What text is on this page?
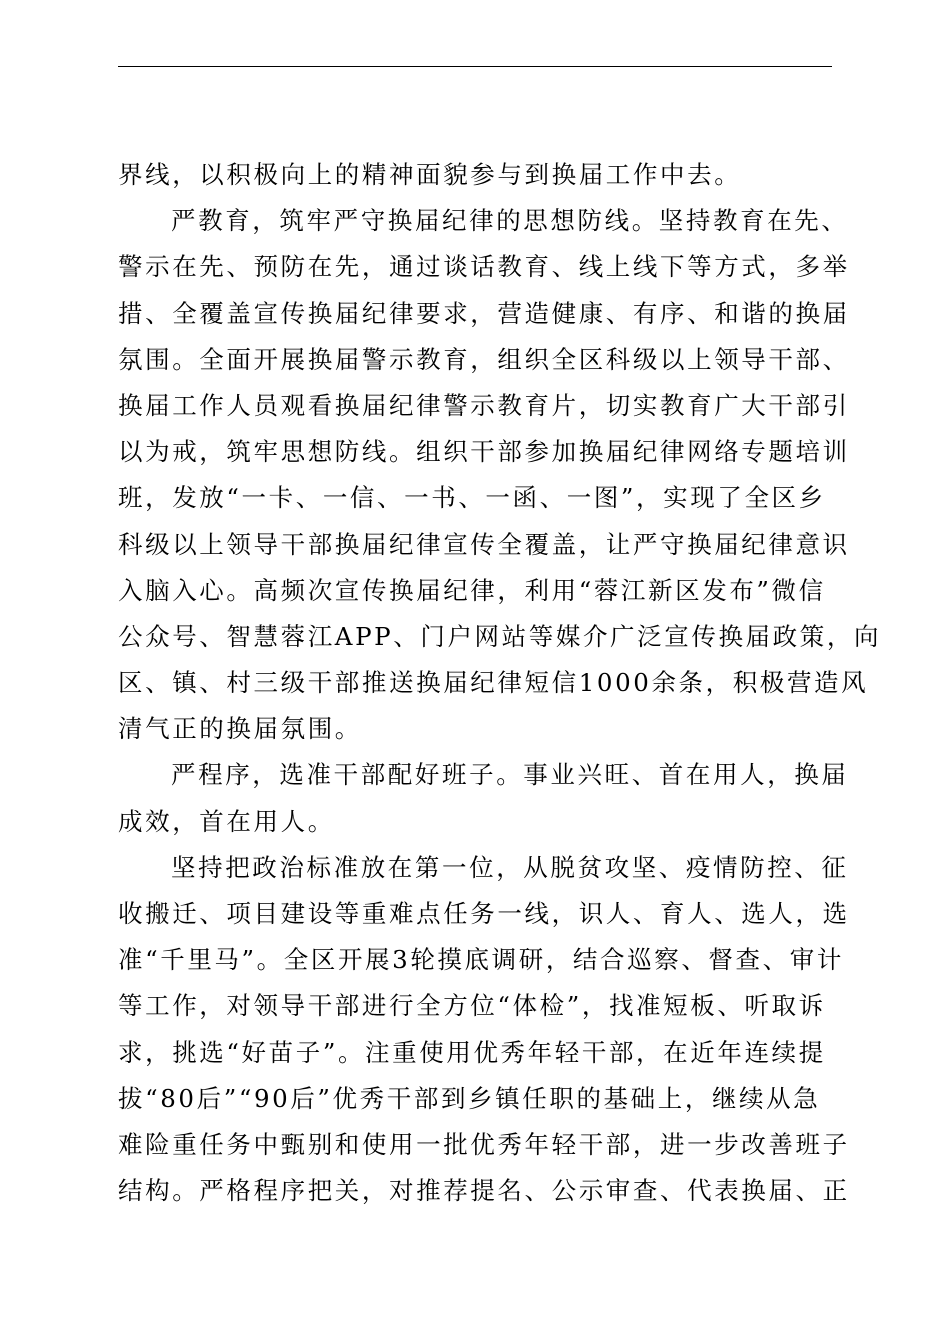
界线，以积极向上的精神面貌参与到换届工作中去。
严教育，筑牢严守换届纪律的思想防线。坚持教育在先、
警示在先、预防在先，通过谈话教育、线上线下等方式，多举
措、全覆盖宣传换届纪律要求，营造健康、有序、和谐的换届
氛围。全面开展换届警示教育，组织全区科级以上领导干部、
换届工作人员观看换届纪律警示教育片，切实教育广大干部引
以为戒，筑牢思想防线。组织干部参加换届纪律网络专题培训
班，发放“一卡、一信、一书、一函、一图”，实现了全区乡
科级以上领导干部换届纪律宣传全覆盖，让严守换届纪律意识
入脑入心。高频次宣传换届纪律，利用“蓉江新区发布”微信
公众号、智慧蓉江APP、门户网站等媒介广泛宣传换届政策，向
区、镇、村三级干部推送换届纪律短信1000余条，积极营造风
清气正的换届氛围。
严程序，选准干部配好班子。事业兴旺、首在用人，换届
成效，首在用人。
坚持把政治标准放在第一位，从脱贫攻坚、疫情防控、征
收搬迁、项目建设等重难点任务一线，识人、育人、选人，选
准“千里马”。全区开展3轮摸底调研，结合巡察、督查、审计
等工作，对领导干部进行全方位“体检”，找准短板、听取诉
求，挑选“好苗子”。注重使用优秀年轻干部，在近年连续提
拔“80后”“90后”优秀干部到乡镇任职的基础上，继续从急
难险重任务中甄别和使用一批优秀年轻干部，进一步改善班子
结构。严格程序把关，对推荐提名、公示审查、代表换届、正
